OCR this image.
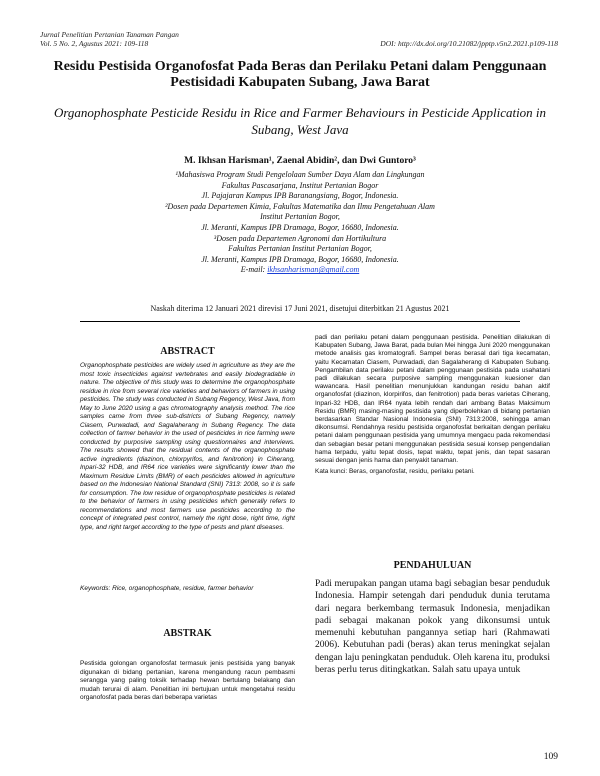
Jurnal Penelitian Pertanian Tanaman Pangan
Vol. 5 No. 2, Agustus 2021: 109-118	DOI: http://dx.doi.org/10.21082/jpptp.v5n2.2021.p109-118
Residu Pestisida Organofosfat Pada Beras dan Perilaku Petani dalam Penggunaan Pestisidadi Kabupaten Subang, Jawa Barat
Organophosphate Pesticide Residu in Rice and Farmer Behaviours in Pesticide Application in Subang, West Java
M. Ikhsan Harisman¹, Zaenal Abidin², dan Dwi Guntoro³
¹Mahasiswa Program Studi Pengelolaan Sumber Daya Alam dan Lingkungan
Fakultas Pascasarjana, Institut Pertanian Bogor
Jl. Pajajaran Kampus IPB Baranangsiang, Bogor, Indonesia.
²Dosen pada Departemen Kimia, Fakultas Matematika dan Ilmu Pengetahuan Alam
Institut Pertanian Bogor,
Jl. Meranti, Kampus IPB Dramaga, Bogor, 16680, Indonesia.
³Dosen pada Departemen Agronomi dan Hortikultura
Fakultas Pertanian Institut Pertanian Bogor,
Jl. Meranti, Kampus IPB Dramaga, Bogor, 16680, Indonesia.
E-mail: ikhsanharisman@gmail.com
Naskah diterima 12 Januari 2021 direvisi 17 Juni 2021, disetujui diterbitkan 21 Agustus 2021
ABSTRACT

Organophosphate pesticides are widely used in agriculture as they are the most toxic insecticides against vertebrates and easily biodegradable in nature. The objective of this study was to determine the organophosphate residue in rice from several rice varieties and behaviors of farmers in using pesticides. The study was conducted in Subang Regency, West Java, from May to June 2020 using a gas chromatography analysis method. The rice samples came from three sub-districts of Subang Regency, namely Ciasem, Purwadadi, and Sagalaherang in Subang Regency. The data collection of farmer behavior in the used of pesticides in rice farming were conducted by purposive sampling using questionnaires and interviews. The results showed that the residual contents of the organophosphate active ingredients (diazinon, chlorpyrifos, and fenitrotion) in Ciherang, Inpari-32 HDB, and IR64 rice varieties were significantly lower than the Maximum Residue Limits (BMR) of each pesticides allowed in agriculture based on the Indonesian National Standard (SNI) 7313: 2008, so it is safe for consumption. The low residue of organophosphate pesticides is related to the behavior of farmers in using pesticides which generally refers to recommendations and most farmers use pesticides according to the concept of integrated pest control, namely the right dose, right time, right type, and right target according to the type of pests and plant diseases.

Keywords: Rice, organophosphate, residue, farmer behavior
ABSTRAK
Pestisida golongan organofosfat termasuk jenis pestisida yang banyak digunakan di bidang pertanian, karena mengandung racun pembasmi serangga yang paling toksik terhadap hewan bertulang belakang dan mudah terurai di alam. Penelitian ini bertujuan untuk mengetahui residu organofosfat pada beras dari beberapa varietas
padi dan perilaku petani dalam penggunaan pestisida. Penelitian dilakukan di Kabupaten Subang, Jawa Barat, pada bulan Mei hingga Juni 2020 menggunakan metode analisis gas kromatografi. Sampel beras berasal dari tiga kecamatan, yaitu Kecamatan Ciasem, Purwadadi, dan Sagalaherang di Kabupaten Subang. Pengambilan data perilaku petani dalam penggunaan pestisida pada usahatani padi dilakukan secara purposive sampling menggunakan kuesioner dan wawancara. Hasil penelitian menunjukkan kandungan residu bahan aktif organofosfat (diazinon, klorpirifos, dan fenitrotion) pada beras varietas Ciherang, Inpari-32 HDB, dan IR64 nyata lebih rendah dari ambang Batas Maksimum Residu (BMR) masing-masing pestisida yang diperbolehkan di bidang pertanian berdasarkan Standar Nasional Indonesia (SNI) 7313:2008, sehingga aman dikonsumsi. Rendahnya residu pestisida organofosfat berkaitan dengan perilaku petani dalam penggunaan pestisida yang umumnya mengacu pada rekomendasi dan sebagian besar petani menggunakan pestisida sesuai konsep pengendalian hama terpadu, yaitu tepat dosis, tepat waktu, tepat jenis, dan tepat sasaran sesuai dengan jenis hama dan penyakit tanaman.
Kata kunci: Beras, organofosfat, residu, perilaku petani.
PENDAHULUAN
Padi merupakan pangan utama bagi sebagian besar penduduk Indonesia. Hampir setengah dari penduduk dunia terutama dari negara berkembang termasuk Indonesia, menjadikan padi sebagai makanan pokok yang dikonsumsi untuk memenuhi kebutuhan pangannya setiap hari (Rahmawati 2006). Kebutuhan padi (beras) akan terus meningkat sejalan dengan laju peningkatan penduduk. Oleh karena itu, produksi beras perlu terus ditingkatkan. Salah satu upaya untuk
109
